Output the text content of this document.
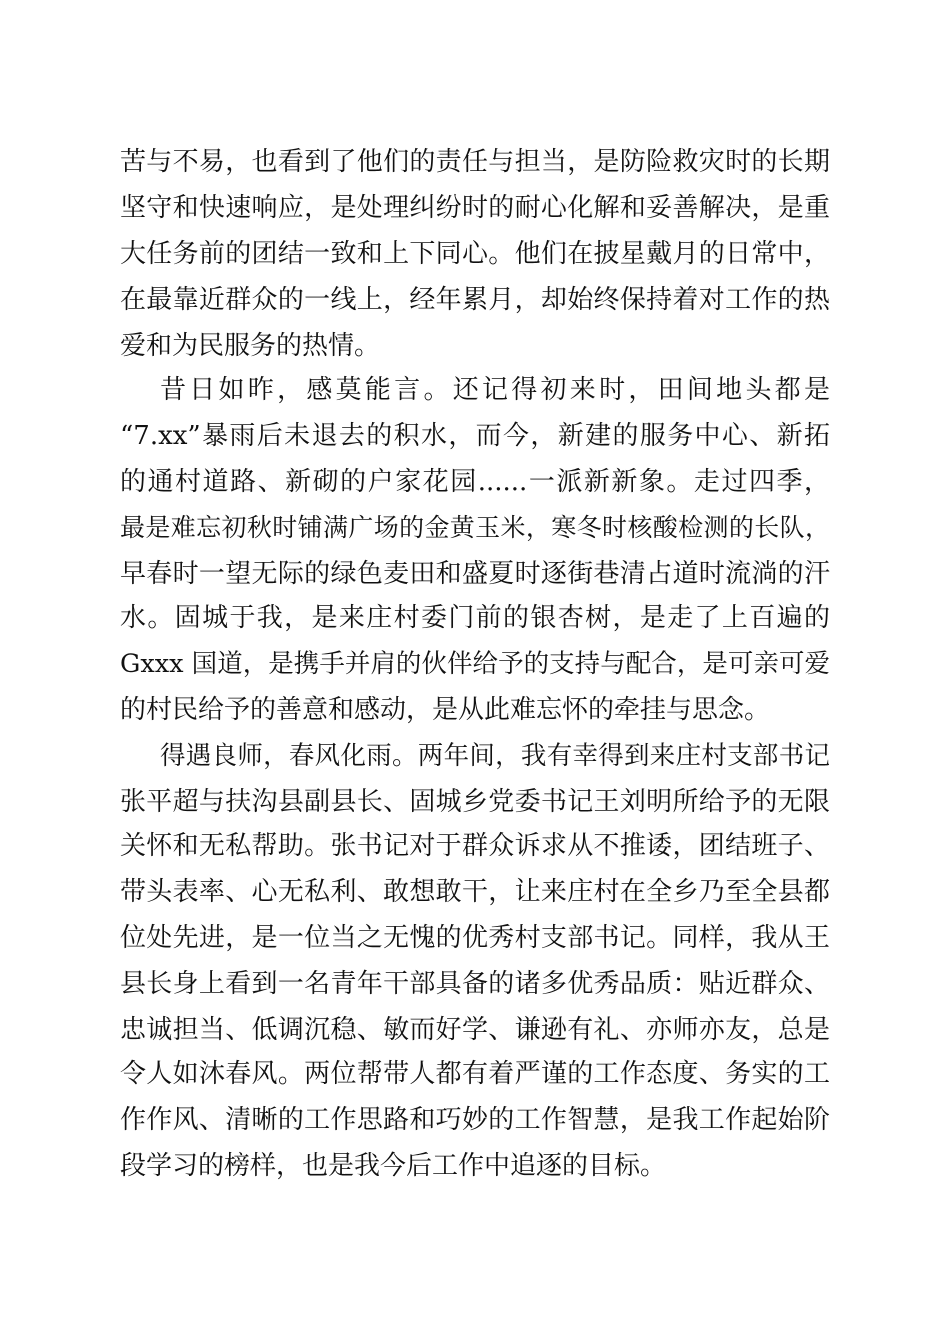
苦与不易，也看到了他们的责任与担当，是防险救灾时的长期
坚守和快速响应，是处理纠纷时的耐心化解和妥善解决，是重
大任务前的团结一致和上下同心。他们在披星戴月的日常中，
在最靠近群众的一线上，经年累月，却始终保持着对工作的热
爱和为民服务的热情。
昔日如昨，感莫能言。还记得初来时，田间地头都是
“7.xx”暴雨后未退去的积水，而今，新建的服务中心、新拓
的通村道路、新砌的户家花园......一派新新象。走过四季，
最是难忘初秋时铺满广场的金黄玉米，寒冬时核酸检测的长队，
早春时一望无际的绿色麦田和盛夏时逐街巷清占道时流淌的汗
水。固城于我，是来庄村委门前的银杏树，是走了上百遍的
Gxxx 国道，是携手并肩的伙伴给予的支持与配合，是可亲可爱
的村民给予的善意和感动，是从此难忘怀的牵挂与思念。
得遇良师，春风化雨。两年间，我有幸得到来庄村支部书记
张平超与扶沟县副县长、固城乡党委书记王刘明所给予的无限
关怀和无私帮助。张书记对于群众诉求从不推诿，团结班子、
带头表率、心无私利、敢想敢干，让来庄村在全乡乃至全县都
位处先进，是一位当之无愧的优秀村支部书记。同样，我从王
县长身上看到一名青年干部具备的诸多优秀品质：贴近群众、
忠诚担当、低调沉稳、敏而好学、谦逊有礼、亦师亦友，总是
令人如沐春风。两位帮带人都有着严谨的工作态度、务实的工
作作风、清晰的工作思路和巧妙的工作智慧，是我工作起始阶
段学习的榜样，也是我今后工作中追逐的目标。
